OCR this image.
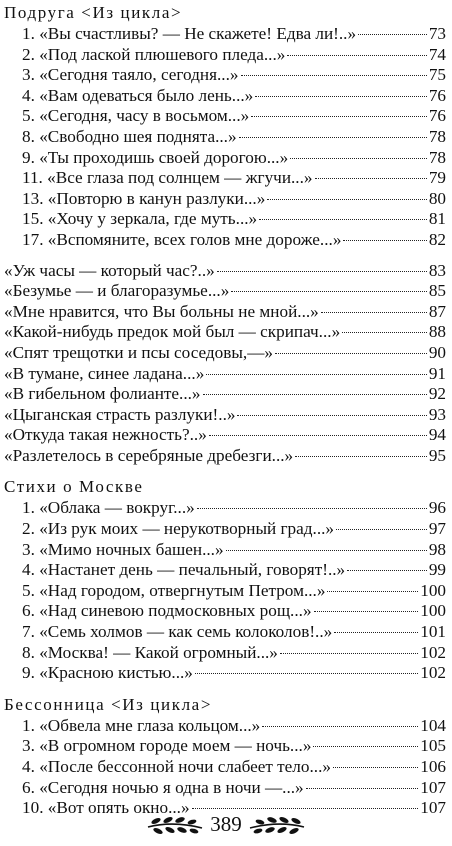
Подруга <Из цикла>
1. «Вы счастливы? — Не скажете! Едва ли!..»	73
2. «Под лаской плюшевого пледа...»	74
3. «Сегодня таяло, сегодня...»	75
4. «Вам одеваться было лень...»	76
5. «Сегодня, часу в восьмом...»	76
8. «Свободно шея поднята...»	78
9. «Ты проходишь своей дорогою...»	78
11. «Все глаза под солнцем — жгучи...»	79
13. «Повторю в канун разлуки...»	80
15. «Хочу у зеркала, где муть...»	81
17. «Вспомяните, всех голов мне дороже...»	82
«Уж часы — который час?..»	83
«Безумье — и благоразумье...»	85
«Мне нравится, что Вы больны не мной...»	87
«Какой-нибудь предок мой был — скрипач...»	88
«Спят трещотки и псы соседовы,—»	90
«В тумане, синее ладана...»	91
«В гибельном фолианте...»	92
«Цыганская страсть разлуки!..»	93
«Откуда такая нежность?..»	94
«Разлетелось в серебряные дребезги...»	95
Стихи о Москве
1. «Облака — вокруг...»	96
2. «Из рук моих — нерукотворный град...»	97
3. «Мимо ночных башен...»	98
4. «Настанет день — печальный, говорят!..»	99
5. «Над городом, отвергнутым Петром...»	100
6. «Над синевою подмосковных рощ...»	100
7. «Семь холмов — как семь колоколов!..»	101
8. «Москва! — Какой огромный...»	102
9. «Красною кистью...»	102
Бессонница <Из цикла>
1. «Обвела мне глаза кольцом...»	104
3. «В огромном городе моем — ночь...»	105
4. «После бессонной ночи слабеет тело...»	106
6. «Сегодня ночью я одна в ночи —...»	107
10. «Вот опять окно...»	107
389
